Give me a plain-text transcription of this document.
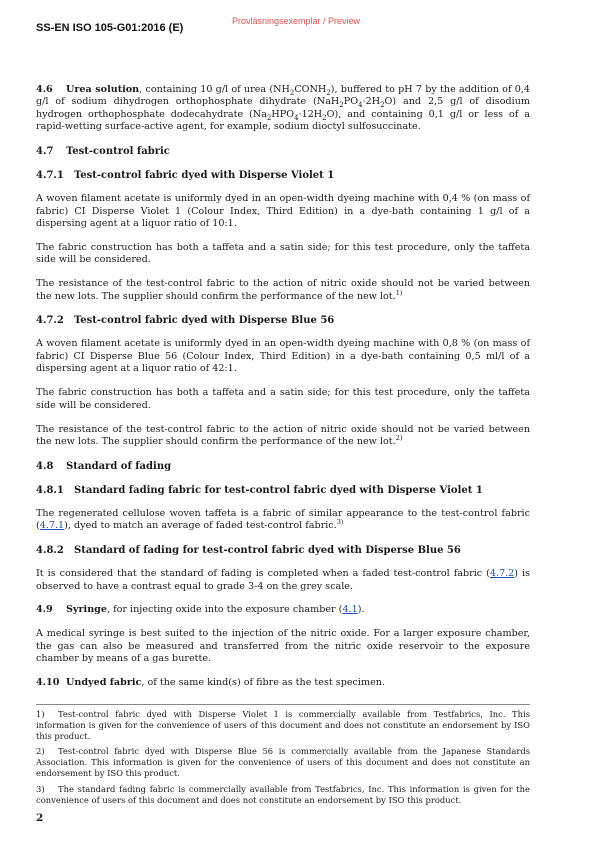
SS-EN ISO 105-G01:2016 (E)
Provläsningsexemplar / Preview

4.6 Urea solution, containing 10 g/l of urea $(NH_2CONH_2)$, buffered to pH 7 by the addition of 0,4 g/l of sodium dihydrogen orthophosphate dihydrate $(NaH_2PO_4\cdot 2H_2O)$ and 2,5 g/l of disodium hydrogen orthophosphate dodecahydrate $(Na_2HPO_4\cdot 12H_2O)$, and containing 0,1 g/l or less of a rapid-wetting surface-active agent, for example, sodium dioctyl sulfosuccinate.

4.7 Test-control fabric
4.7.1 Test-control fabric dyed with Disperse Violet 1

A woven filament acetate is uniformly dyed in an open-width dyeing machine with 0,4 % (on mass of fabric) CI Disperse Violet 1 (Colour Index, Third Edition) in a dye-bath containing 1 g/l of a dispersing agent at a liquor ratio of 10:1.

The fabric construction has both a taffeta and a satin side; for this test procedure, only the taffeta side will be considered.

The resistance of the test-control fabric to the action of nitric oxide should not be varied between the new lots. The supplier should confirm the performance of the new lot.$^{1)}$

4.7.2 Test-control fabric dyed with Disperse Blue 56

A woven filament acetate is uniformly dyed in an open-width dyeing machine with 0,8 % (on mass of fabric) CI Disperse Blue 56 (Colour Index, Third Edition) in a dye-bath containing 0,5 ml/l of a dispersing agent at a liquor ratio of 42:1.

The fabric construction has both a taffeta and a satin side; for this test procedure, only the taffeta side will be considered.

The resistance of the test-control fabric to the action of nitric oxide should not be varied between the new lots. The supplier should confirm the performance of the new lot.$^{2)}$

4.8 Standard of fading
4.8.1 Standard fading fabric for test-control fabric dyed with Disperse Violet 1

The regenerated cellulose woven taffeta is a fabric of similar appearance to the test-control fabric (4.7.1), dyed to match an average of faded test-control fabric.$^{3)}$

4.8.2 Standard of fading for test-control fabric dyed with Disperse Blue 56

It is considered that the standard of fading is completed when a faded test-control fabric (4.7.2) is observed to have a contrast equal to grade 3-4 on the grey scale.

4.9 Syringe, for injecting oxide into the exposure chamber (4.1).

A medical syringe is best suited to the injection of the nitric oxide. For a larger exposure chamber, the gas can also be measured and transferred from the nitric oxide reservoir to the exposure chamber by means of a gas burette.

4.10 Undyed fabric, of the same kind(s) of fibre as the test specimen.

1) Test-control fabric dyed with Disperse Violet 1 is commercially available from Testfabrics, Inc. This information is given for the convenience of users of this document and does not constitute an endorsement by ISO this product.

2) Test-control fabric dyed with Disperse Blue 56 is commercially available from the Japanese Standards Association. This information is given for the convenience of users of this document and does not constitute an endorsement by ISO this product.

3) The standard fading fabric is commercially available from Testfabrics, Inc. This information is given for the convenience of users of this document and does not constitute an endorsement by ISO this product.

2
